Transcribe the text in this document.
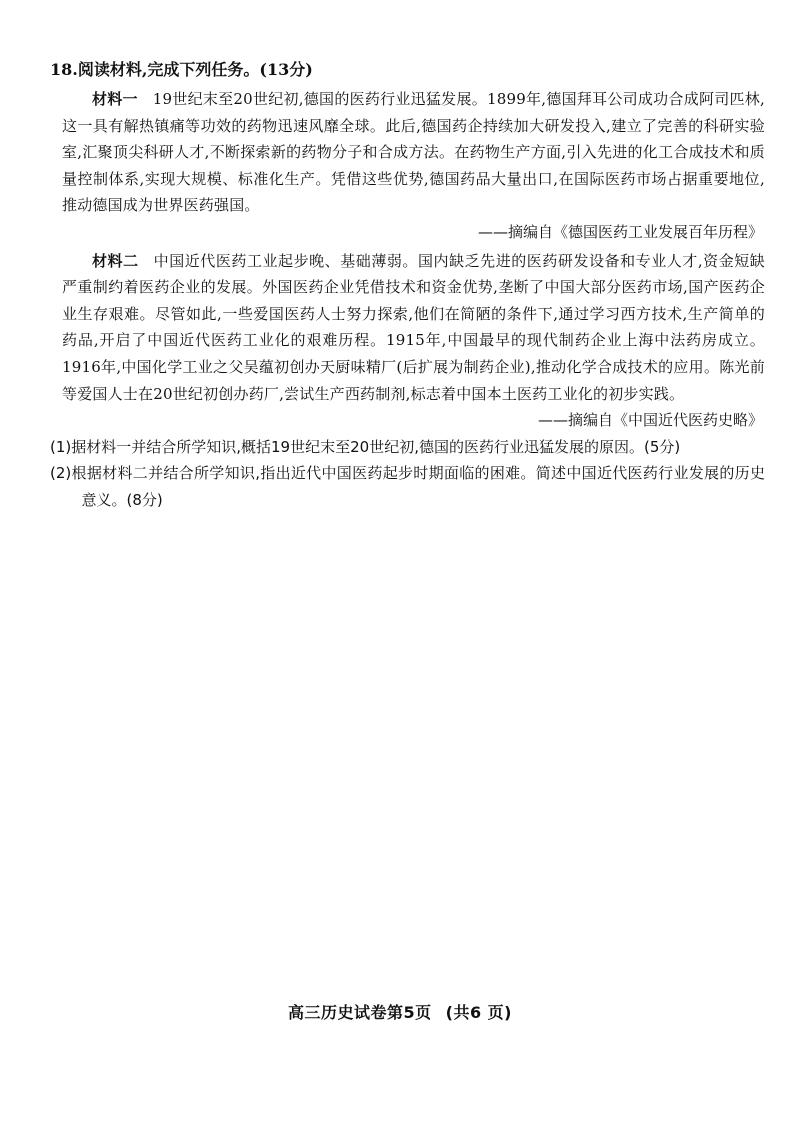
18.阅读材料,完成下列任务。(13分)

材料一 19世纪末至20世纪初,德国的医药行业迅猛发展。1899年,德国拜耳公司成功合成阿司匹林,这一具有解热镇痛等功效的药物迅速风靡全球。此后,德国药企持续加大研发投入,建立了完善的科研实验室,汇聚顶尖科研人才,不断探索新的药物分子和合成方法。在药物生产方面,引入先进的化工合成技术和质量控制体系,实现大规模、标准化生产。凭借这些优势,德国药品大量出口,在国际医药市场占据重要地位,推动德国成为世界医药强国。

——摘编自《德国医药工业发展百年历程》

材料二 中国近代医药工业起步晚、基础薄弱。国内缺乏先进的医药研发设备和专业人才,资金短缺严重制约着医药企业的发展。外国医药企业凭借技术和资金优势,垄断了中国大部分医药市场,国产医药企业生存艰难。尽管如此,一些爱国医药人士努力探索,他们在简陋的条件下,通过学习西方技术,生产简单的药品,开启了中国近代医药工业化的艰难历程。1915年,中国最早的现代制药企业上海中法药房成立。1916年,中国化学工业之父吴蕴初创办天厨味精厂(后扩展为制药企业),推动化学合成技术的应用。陈光前等爱国人士在20世纪初创办药厂,尝试生产西药制剂,标志着中国本土医药工业化的初步实践。

——摘编自《中国近代医药史略》

(1)据材料一并结合所学知识,概括19世纪末至20世纪初,德国的医药行业迅猛发展的原因。(5分)

(2)根据材料二并结合所学知识,指出近代中国医药起步时期面临的困难。简述中国近代医药行业发展的历史意义。(8分)

高三历史试卷第5页 (共6 页)
